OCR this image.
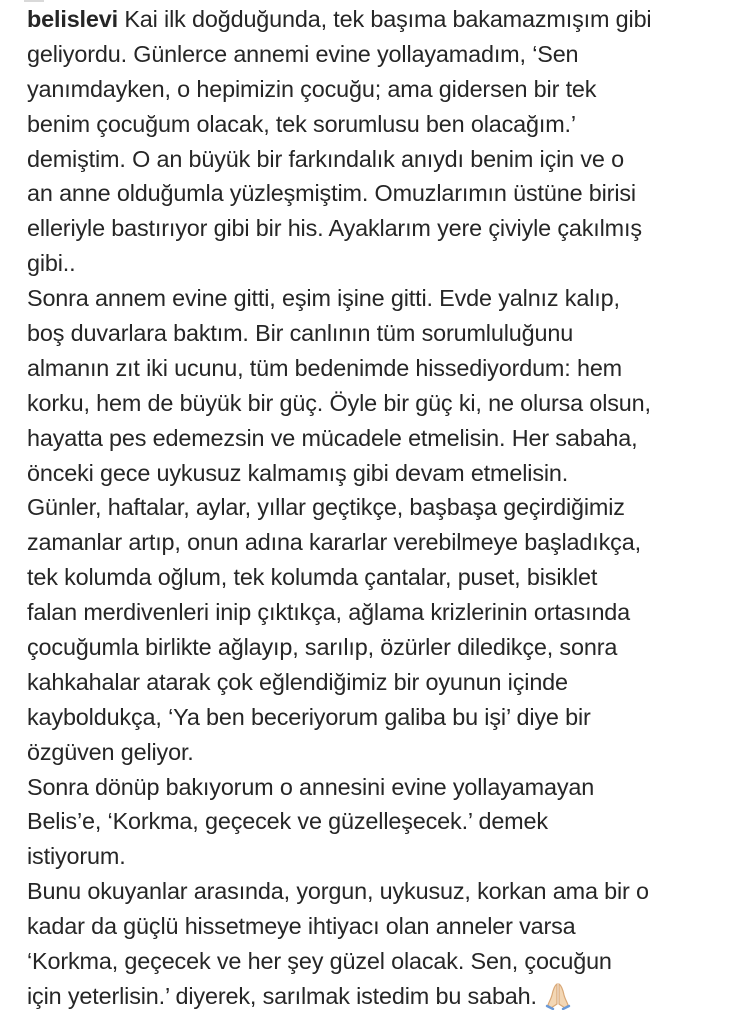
belislevi Kai ilk doğduğunda, tek başıma bakamazmışım gibi
geliyordu. Günlerce annemi evine yollayamadım, ‘Sen
yanımdayken, o hepimizin çocuğu; ama gidersen bir tek
benim çocuğum olacak, tek sorumlusu ben olacağım.’
demiştim. O an büyük bir farkındalık anıydı benim için ve o
an anne olduğumla yüzleşmiştim. Omuzlarımın üstüne birisi
elleriyle bastırıyor gibi bir his. Ayaklarım yere çiviyle çakılmış
gibi..
Sonra annem evine gitti, eşim işine gitti. Evde yalnız kalıp,
boş duvarlara baktım. Bir canlının tüm sorumluluğunu
almanın zıt iki ucunu, tüm bedenimde hissediyordum: hem
korku, hem de büyük bir güç. Öyle bir güç ki, ne olursa olsun,
hayatta pes edemezsin ve mücadele etmelisin. Her sabaha,
önceki gece uykusuz kalmamış gibi devam etmelisin.
Günler, haftalar, aylar, yıllar geçtikçe, başbaşa geçirdiğimiz
zamanlar artıp, onun adına kararlar verebilmeye başladıkça,
tek kolumda oğlum, tek kolumda çantalar, puset, bisiklet
falan merdivenleri inip çıktıkça, ağlama krizlerinin ortasında
çocuğumla birlikte ağlayıp, sarılıp, özürler diledikçe, sonra
kahkahalar atarak çok eğlendiğimiz bir oyunun içinde
kayboldukça, ‘Ya ben beceriyorum galiba bu işi’ diye bir
özgüven geliyor.
Sonra dönüp bakıyorum o annesini evine yollayamayan
Belis’e, ‘Korkma, geçecek ve güzelleşecek.’ demek
istiyorum.
Bunu okuyanlar arasında, yorgun, uykusuz, korkan ama bir o
kadar da güçlü hissetmeye ihtiyacı olan anneler varsa
‘Korkma, geçecek ve her şey güzel olacak. Sen, çocuğun
için yeterlisin.’ diyerek, sarılmak istedim bu sabah.
